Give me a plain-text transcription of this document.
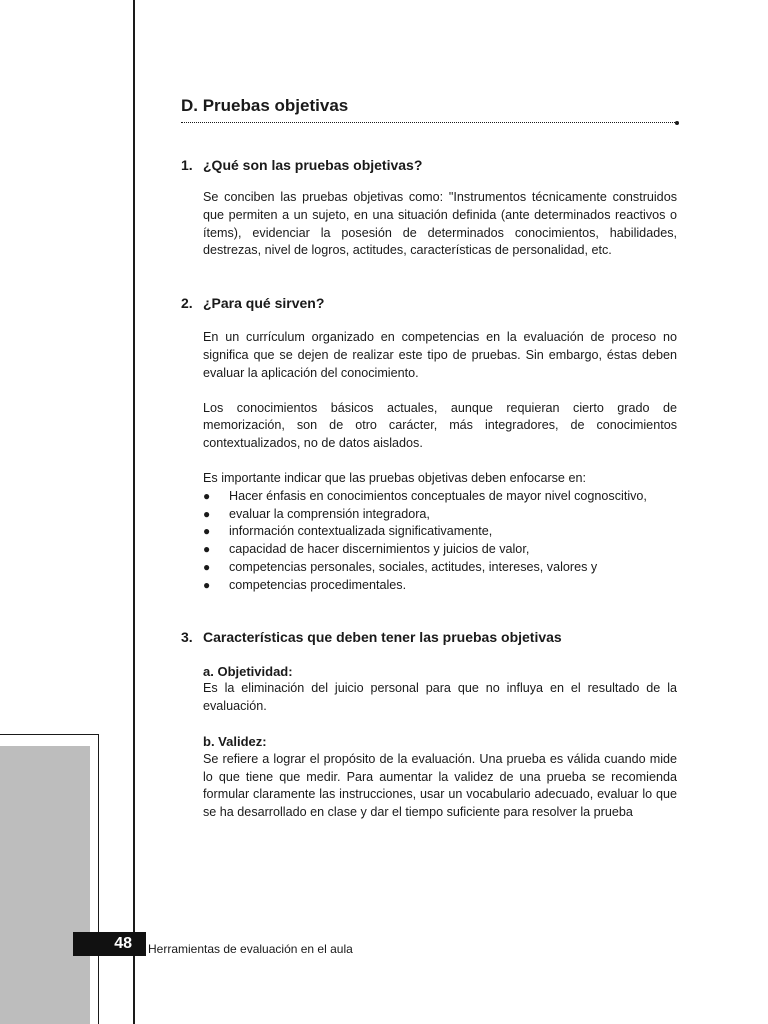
D. Pruebas objetivas
1. ¿Qué son las pruebas objetivas?

Se conciben las pruebas objetivas como: "Instrumentos técnicamente construidos que permiten a un sujeto, en una situación definida (ante determinados reactivos o ítems), evidenciar la posesión de determinados conocimientos, habilidades, destrezas, nivel de logros, actitudes, características de personalidad, etc.

2. ¿Para qué sirven?

En un currículum organizado en competencias en la evaluación de proceso no significa que se dejen de realizar este tipo de pruebas. Sin embargo, éstas deben evaluar la aplicación del conocimiento.

Los conocimientos básicos actuales, aunque requieran cierto grado de memorización, son de otro carácter, más integradores, de conocimientos contextualizados, no de datos aislados.

Es importante indicar que las pruebas objetivas deben enfocarse en:

●	Hacer énfasis en conocimientos conceptuales de mayor nivel cognoscitivo,
●	evaluar la comprensión integradora,
●	información contextualizada significativamente,
●	capacidad de hacer discernimientos y juicios de valor,
●	competencias personales, sociales, actitudes, intereses, valores y
●	competencias procedimentales.
3. Características que deben tener las pruebas objetivas
a. Objetividad:

Es la eliminación del juicio personal para que no influya en el resultado de la evaluación.

b. Validez:

Se refiere a lograr el propósito de la evaluación. Una prueba es válida cuando mide lo que tiene que medir. Para aumentar la validez de una prueba se recomienda formular claramente las instrucciones, usar un vocabulario adecuado, evaluar lo que se ha desarrollado en clase y dar el tiempo suficiente para resolver la prueba

48	Herramientas de evaluación en el aula
